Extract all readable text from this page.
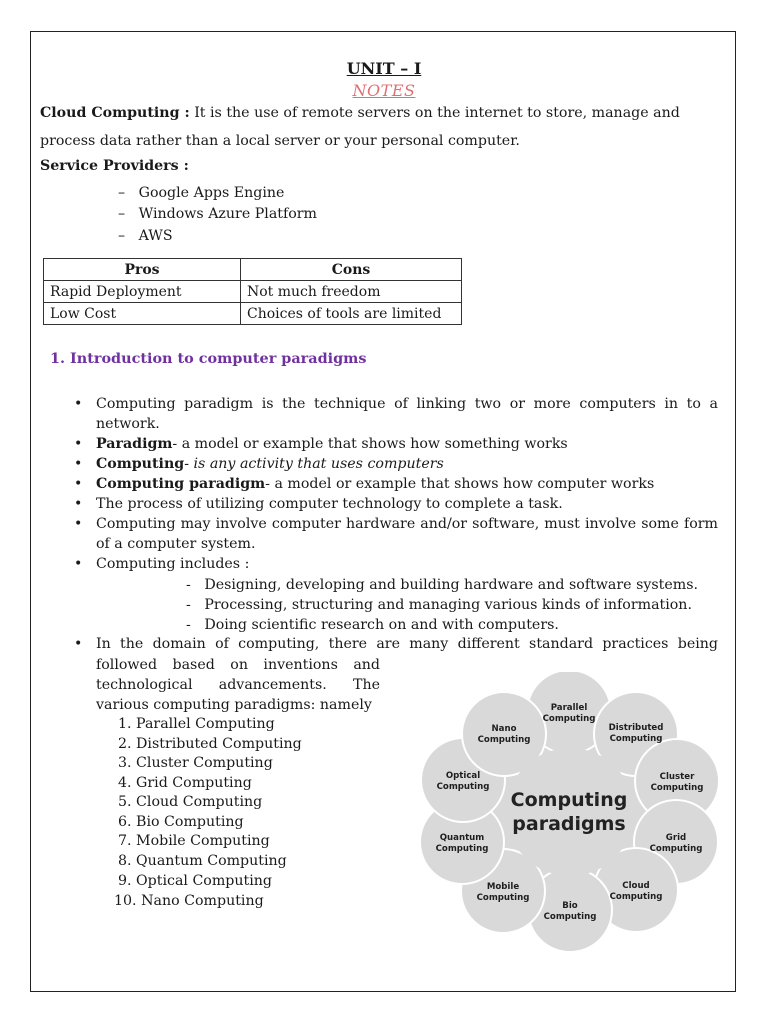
UNIT – I
NOTES
Cloud Computing : It is the use of remote servers on the internet to store, manage and process data rather than a local server or your personal computer.
Service Providers :
–   Google Apps Engine
–   Windows Azure Platform
–   AWS
Pros	Cons
Rapid Deployment	Not much freedom
Low Cost	Choices of tools are limited
1. Introduction to computer paradigms
• Computing paradigm is the technique of linking two or more computers in to a network.
• Paradigm- a model or example that shows how something works
• Computing- is any activity that uses computers
• Computing paradigm- a model or example that shows how computer works
• The process of utilizing computer technology to complete a task.
• Computing may involve computer hardware and/or software, must involve some form of a computer system.
• Computing includes :
-   Designing, developing and building hardware and software systems.
-   Processing, structuring and managing various kinds of information.
-   Doing scientific research on and with computers.
• In the domain of computing, there are many different standard practices being
followed based on inventions and
technological advancements. The
various computing paradigms: namely
1. Parallel Computing
2. Distributed Computing
3. Cluster Computing
4. Grid Computing
5. Cloud Computing
6. Bio Computing
7. Mobile Computing
8. Quantum Computing
9. Optical Computing
10. Nano Computing
Computing
paradigms
Parallel
Computing
Distributed
Computing
Cluster
Computing
Grid
Computing
Cloud
Computing
Bio
Computing
Mobile
Computing
Quantum
Computing
Optical
Computing
Nano
Computing
